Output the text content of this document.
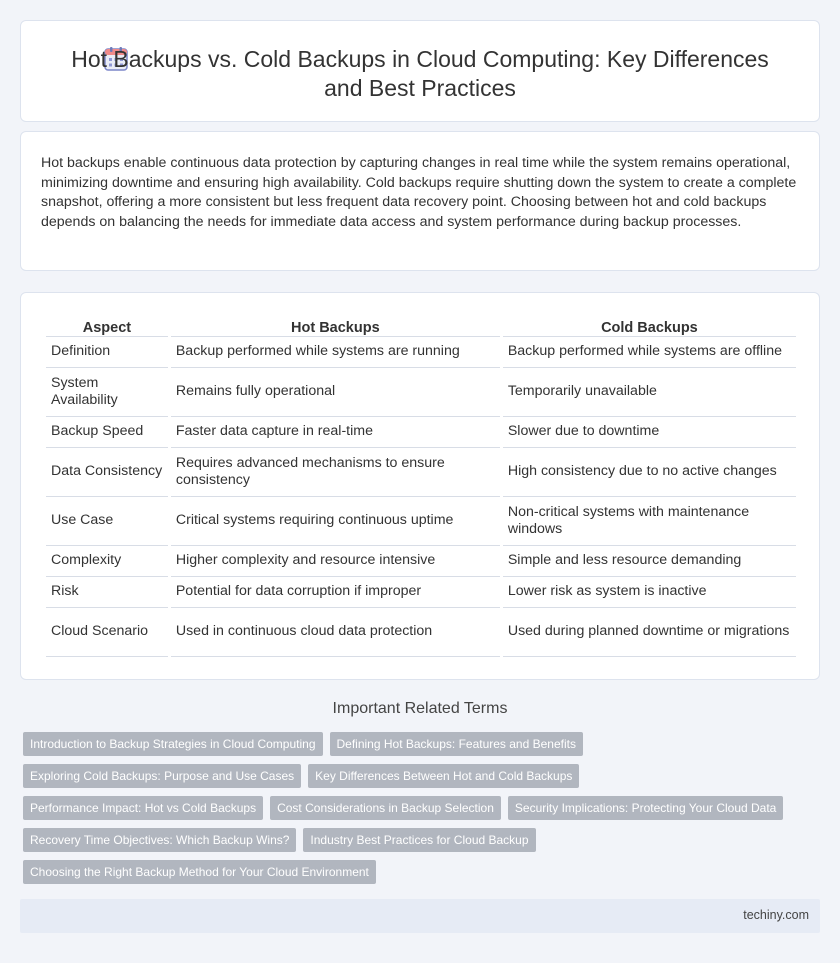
Hot Backups vs. Cold Backups in Cloud Computing: Key Differences and Best Practices

Hot backups enable continuous data protection by capturing changes in real time while the system remains operational, minimizing downtime and ensuring high availability. Cold backups require shutting down the system to create a complete snapshot, offering a more consistent but less frequent data recovery point. Choosing between hot and cold backups depends on balancing the needs for immediate data access and system performance during backup processes.

Aspect	Hot Backups	Cold Backups
Definition	Backup performed while systems are running	Backup performed while systems are offline
System Availability	Remains fully operational	Temporarily unavailable
Backup Speed	Faster data capture in real-time	Slower due to downtime
Data Consistency	Requires advanced mechanisms to ensure consistency	High consistency due to no active changes
Use Case	Critical systems requiring continuous uptime	Non-critical systems with maintenance windows
Complexity	Higher complexity and resource intensive	Simple and less resource demanding
Risk	Potential for data corruption if improper	Lower risk as system is inactive
Cloud Scenario	Used in continuous cloud data protection	Used during planned downtime or migrations
Important Related Terms
Introduction to Backup Strategies in Cloud Computing	Defining Hot Backups: Features and Benefits
Exploring Cold Backups: Purpose and Use Cases	Key Differences Between Hot and Cold Backups
Performance Impact: Hot vs Cold Backups	Cost Considerations in Backup Selection	Security Implications: Protecting Your Cloud Data
Recovery Time Objectives: Which Backup Wins?	Industry Best Practices for Cloud Backup
Choosing the Right Backup Method for Your Cloud Environment
techiny.com
